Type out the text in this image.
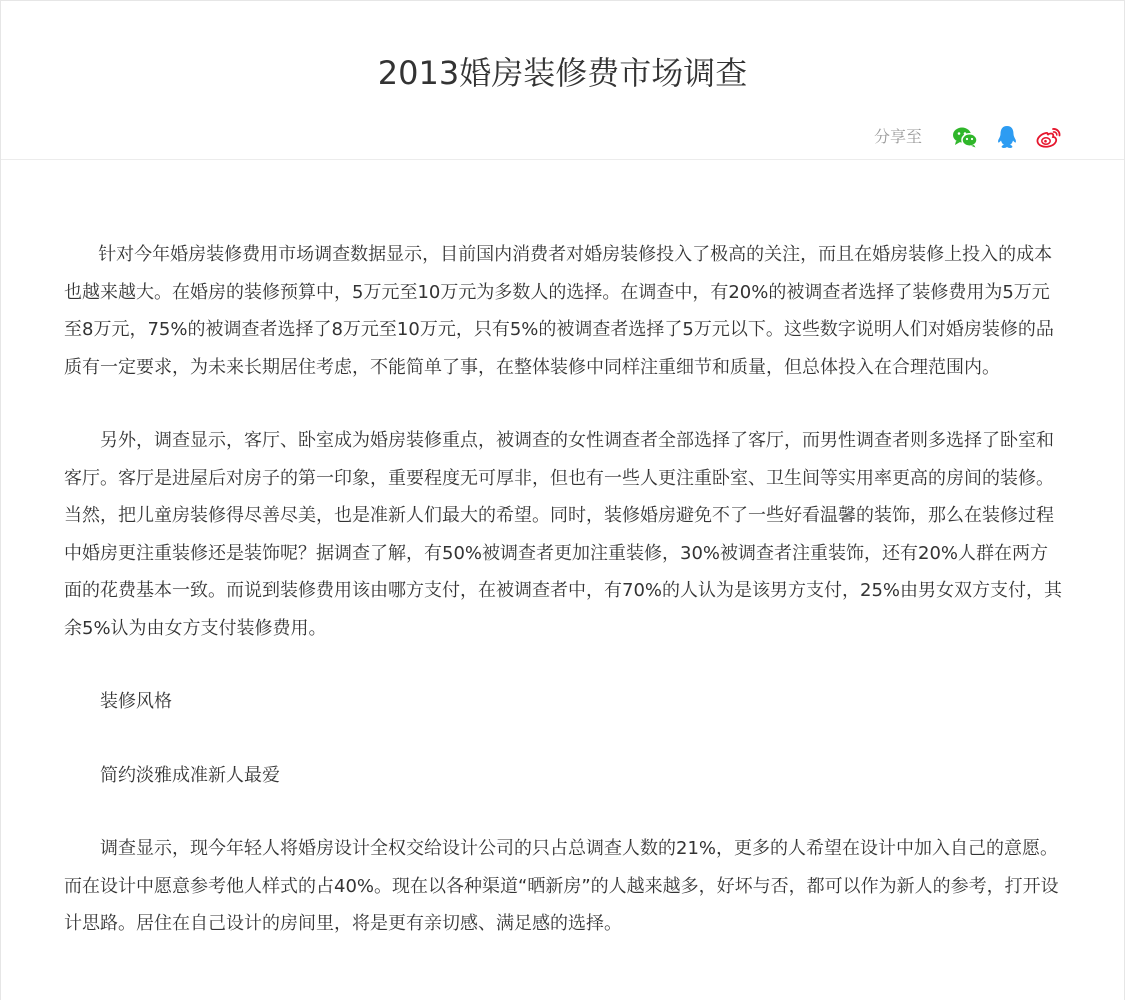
2013婚房装修费市场调查
分享至

针对今年婚房装修费用市场调查数据显示，目前国内消费者对婚房装修投入了极高的关注，而且在婚房装修上投入的成本也越来越大。在婚房的装修预算中，5万元至10万元为多数人的选择。在调查中，有20%的被调查者选择了装修费用为5万元至8万元，75%的被调查者选择了8万元至10万元，只有5%的被调查者选择了5万元以下。这些数字说明人们对婚房装修的品质有一定要求，为未来长期居住考虑，不能简单了事，在整体装修中同样注重细节和质量，但总体投入在合理范围内。

另外，调查显示，客厅、卧室成为婚房装修重点，被调查的女性调查者全部选择了客厅，而男性调查者则多选择了卧室和客厅。客厅是进屋后对房子的第一印象，重要程度无可厚非，但也有一些人更注重卧室、卫生间等实用率更高的房间的装修。当然，把儿童房装修得尽善尽美，也是准新人们最大的希望。同时，装修婚房避免不了一些好看温馨的装饰，那么在装修过程中婚房更注重装修还是装饰呢？据调查了解，有50%被调查者更加注重装修，30%被调查者注重装饰，还有20%人群在两方面的花费基本一致。而说到装修费用该由哪方支付，在被调查者中，有70%的人认为是该男方支付，25%由男女双方支付，其余5%认为由女方支付装修费用。

装修风格

简约淡雅成准新人最爱

调查显示，现今年轻人将婚房设计全权交给设计公司的只占总调查人数的21%，更多的人希望在设计中加入自己的意愿。而在设计中愿意参考他人样式的占40%。现在以各种渠道“晒新房”的人越来越多，好坏与否，都可以作为新人的参考，打开设计思路。居住在自己设计的房间里，将是更有亲切感、满足感的选择。
